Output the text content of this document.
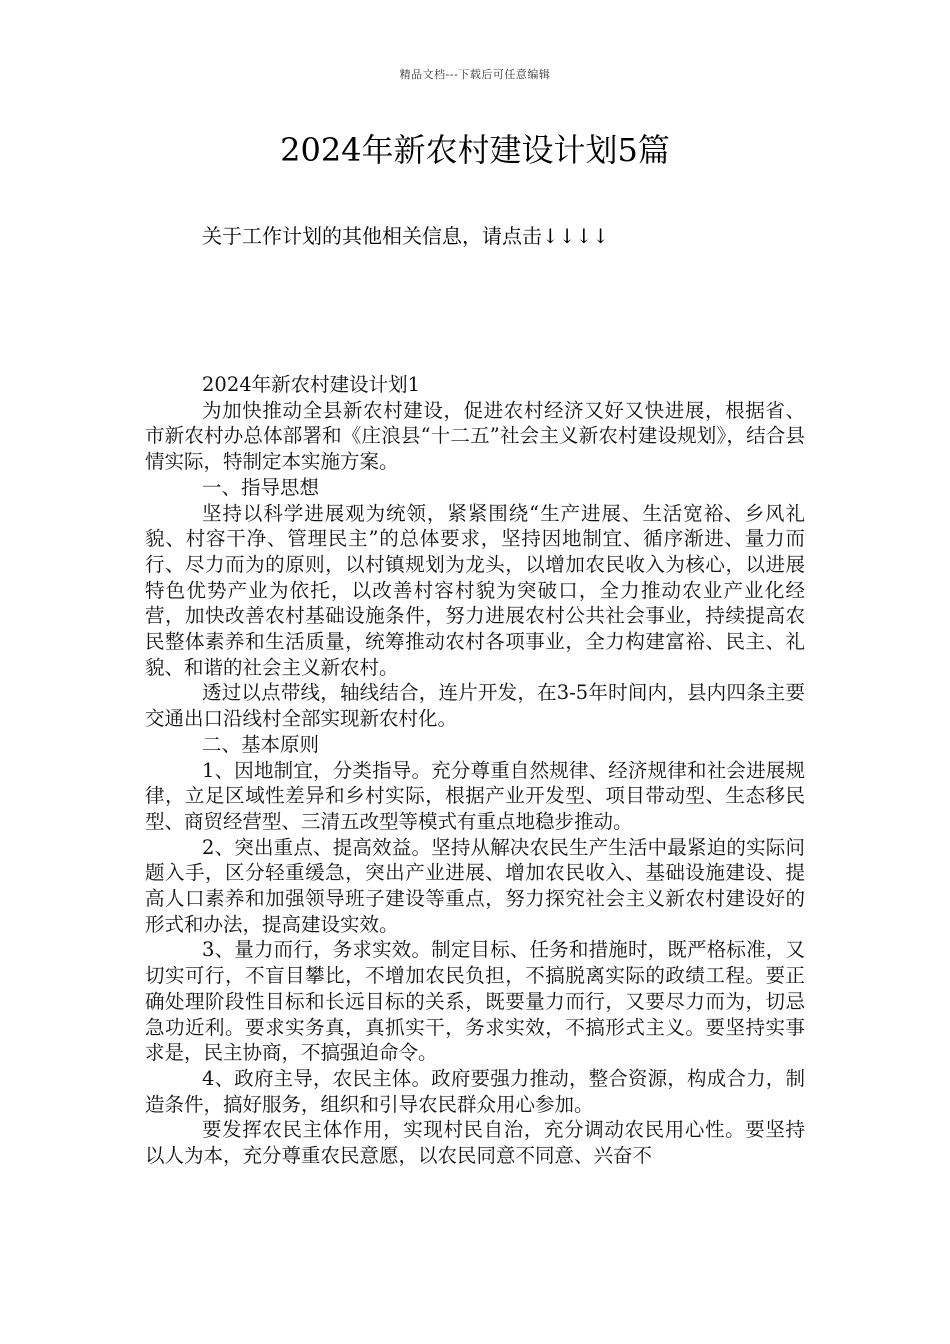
精品文档---下载后可任意编辑
2024年新农村建设计划5篇
关于工作计划的其他相关信息，请点击↓↓↓↓

2024年新农村建设计划1

为加快推动全县新农村建设，促进农村经济又好又快进展，根据省、市新农村办总体部署和《庄浪县“十二五”社会主义新农村建设规划》，结合县情实际，特制定本实施方案。

一、指导思想

坚持以科学进展观为统领，紧紧围绕“生产进展、生活宽裕、乡风礼貌、村容干净、管理民主”的总体要求，坚持因地制宜、循序渐进、量力而行、尽力而为的原则，以村镇规划为龙头，以增加农民收入为核心，以进展特色优势产业为依托，以改善村容村貌为突破口，全力推动农业产业化经营，加快改善农村基础设施条件，努力进展农村公共社会事业，持续提高农民整体素养和生活质量，统筹推动农村各项事业，全力构建富裕、民主、礼貌、和谐的社会主义新农村。

透过以点带线，轴线结合，连片开发，在3-5年时间内，县内四条主要交通出口沿线村全部实现新农村化。

二、基本原则

1、因地制宜，分类指导。充分尊重自然规律、经济规律和社会进展规律，立足区域性差异和乡村实际，根据产业开发型、项目带动型、生态移民型、商贸经营型、三清五改型等模式有重点地稳步推动。

2、突出重点、提高效益。坚持从解决农民生产生活中最紧迫的实际问题入手，区分轻重缓急，突出产业进展、增加农民收入、基础设施建设、提高人口素养和加强领导班子建设等重点，努力探究社会主义新农村建设好的形式和办法，提高建设实效。

3、量力而行，务求实效。制定目标、任务和措施时，既严格标准，又切实可行，不盲目攀比，不增加农民负担，不搞脱离实际的政绩工程。要正确处理阶段性目标和长远目标的关系，既要量力而行，又要尽力而为，切忌急功近利。要求实务真，真抓实干，务求实效，不搞形式主义。要坚持实事求是，民主协商，不搞强迫命令。

4、政府主导，农民主体。政府要强力推动，整合资源，构成合力，制造条件，搞好服务，组织和引导农民群众用心参加。

要发挥农民主体作用，实现村民自治，充分调动农民用心性。要坚持以人为本，充分尊重农民意愿，以农民同意不同意、兴奋不
